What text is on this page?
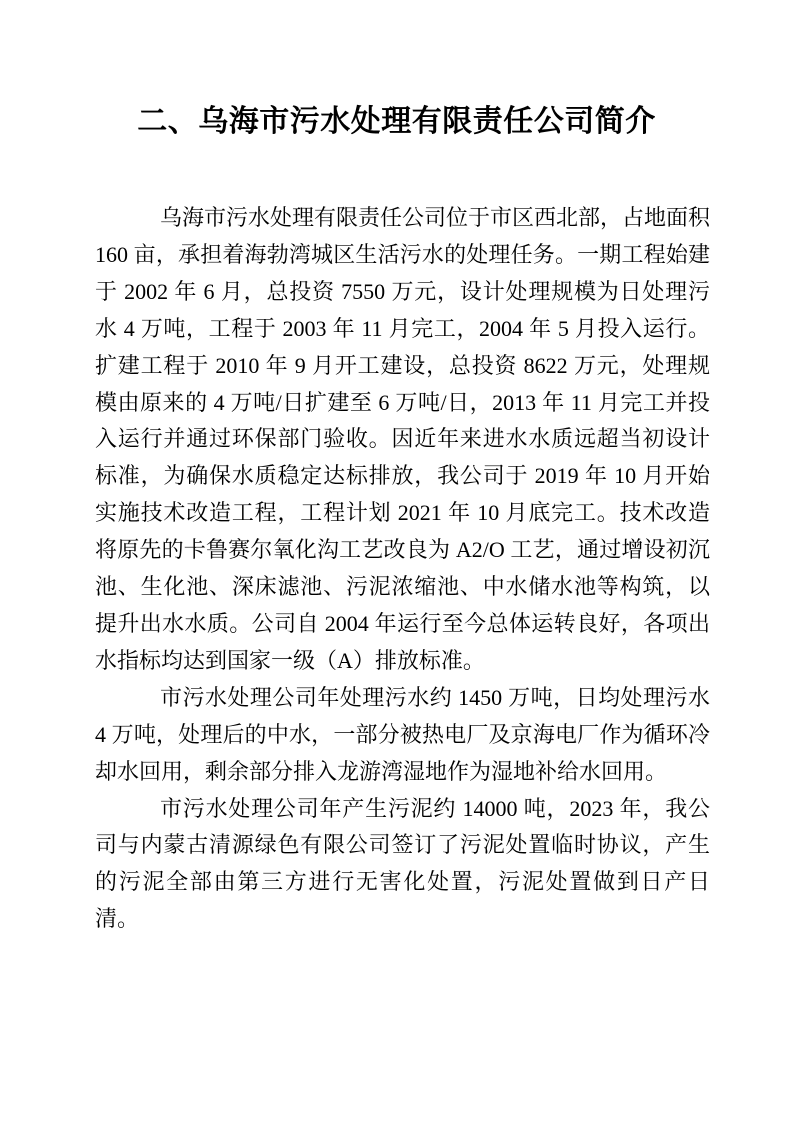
二、乌海市污水处理有限责任公司简介

乌海市污水处理有限责任公司位于市区西北部，占地面积 160 亩，承担着海勃湾城区生活污水的处理任务。一期工程始建于 2002 年 6 月，总投资 7550 万元，设计处理规模为日处理污水 4 万吨，工程于 2003 年 11 月完工，2004 年 5 月投入运行。扩建工程于 2010 年 9 月开工建设，总投资 8622 万元，处理规模由原来的 4 万吨/日扩建至 6 万吨/日，2013 年 11 月完工并投入运行并通过环保部门验收。因近年来进水水质远超当初设计标准，为确保水质稳定达标排放，我公司于 2019 年 10 月开始实施技术改造工程，工程计划 2021 年 10 月底完工。技术改造将原先的卡鲁赛尔氧化沟工艺改良为 A2/O 工艺，通过增设初沉池、生化池、深床滤池、污泥浓缩池、中水储水池等构筑，以提升出水水质。公司自 2004 年运行至今总体运转良好，各项出水指标均达到国家一级（A）排放标准。

市污水处理公司年处理污水约 1450 万吨，日均处理污水 4 万吨，处理后的中水，一部分被热电厂及京海电厂作为循环冷却水回用，剩余部分排入龙游湾湿地作为湿地补给水回用。

市污水处理公司年产生污泥约 14000 吨，2023 年，我公司与内蒙古清源绿色有限公司签订了污泥处置临时协议，产生的污泥全部由第三方进行无害化处置，污泥处置做到日产日清。
